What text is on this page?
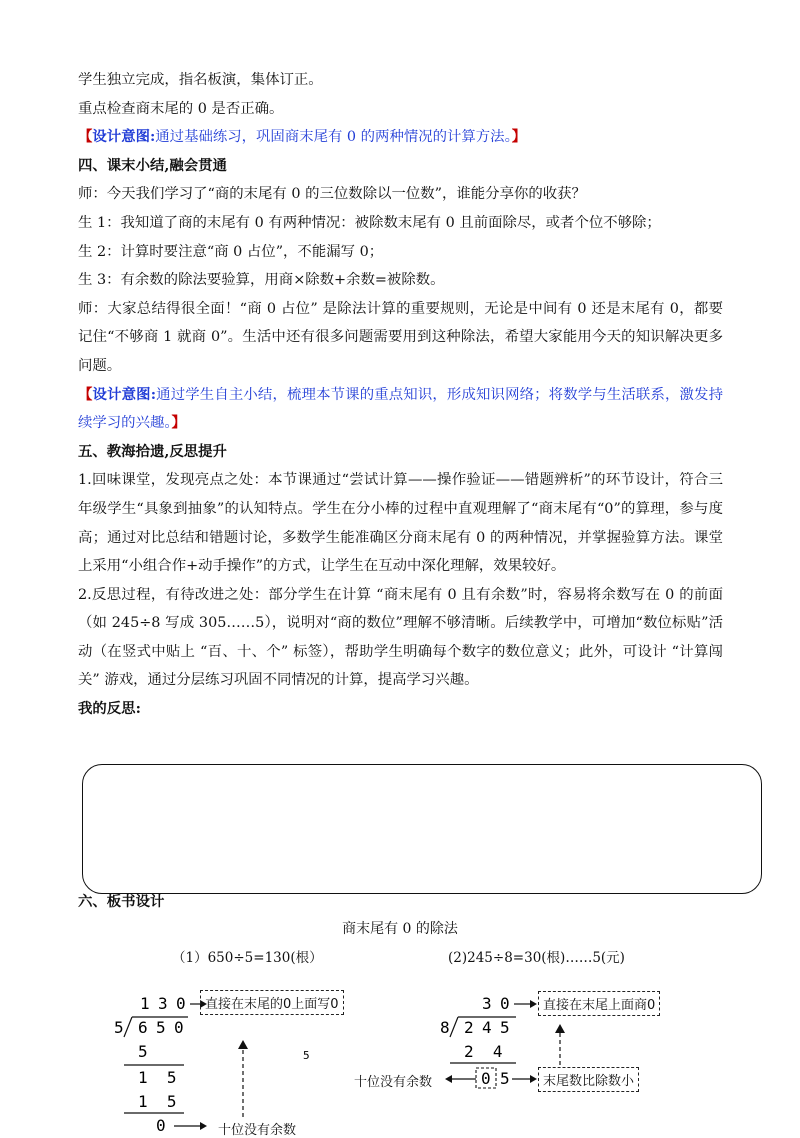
学生独立完成，指名板演，集体订正。

重点检查商末尾的 0 是否正确。

【设计意图:通过基础练习，巩固商末尾有 0 的两种情况的计算方法。】

四、课末小结,融会贯通

师：今天我们学习了“商的末尾有 0 的三位数除以一位数”，谁能分享你的收获？

生 1：我知道了商的末尾有 0 有两种情况：被除数末尾有 0 且前面除尽，或者个位不够除；

生 2：计算时要注意“商 0 占位”，不能漏写 0；

生 3：有余数的除法要验算，用商×除数+余数=被除数。

师：大家总结得很全面！“商 0 占位” 是除法计算的重要规则，无论是中间有 0 还是末尾有 0，都要记住“不够商 1 就商 0”。生活中还有很多问题需要用到这种除法，希望大家能用今天的知识解决更多问题。

【设计意图:通过学生自主小结，梳理本节课的重点知识，形成知识网络；将数学与生活联系，激发持续学习的兴趣。】

五、教海拾遗,反思提升

1.回味课堂，发现亮点之处：本节课通过“尝试计算——操作验证——错题辨析”的环节设计，符合三年级学生“具象到抽象”的认知特点。学生在分小棒的过程中直观理解了“商末尾有“0”的算理，参与度高；通过对比总结和错题讨论，多数学生能准确区分商末尾有 0 的两种情况，并掌握验算方法。课堂上采用“小组合作+动手操作”的方式，让学生在互动中深化理解，效果较好。

2.反思过程，有待改进之处：部分学生在计算 “商末尾有 0 且有余数”时，容易将余数写在 0 的前面（如 245÷8 写成 305……5），说明对“商的数位”理解不够清晰。后续教学中，可增加“数位标贴”活动（在竖式中贴上 “百、十、个” 标签），帮助学生明确每个数字的数位意义；此外，可设计 “计算闯关” 游戏，通过分层练习巩固不同情况的计算，提高学习兴趣。

我的反思:

六、板书设计
商末尾有 0 的除法
（1）650÷5=130(根）	(2)245÷8=30(根)……5(元)
1 3 0
5 6 5 0
5
1  5
1  5
0
5
直接在末尾的0上面写0
十位没有余数
3 0
8 2 4 5
2  4
0 5
直接在末尾上面商0
十位没有余数	末尾数比除数小
